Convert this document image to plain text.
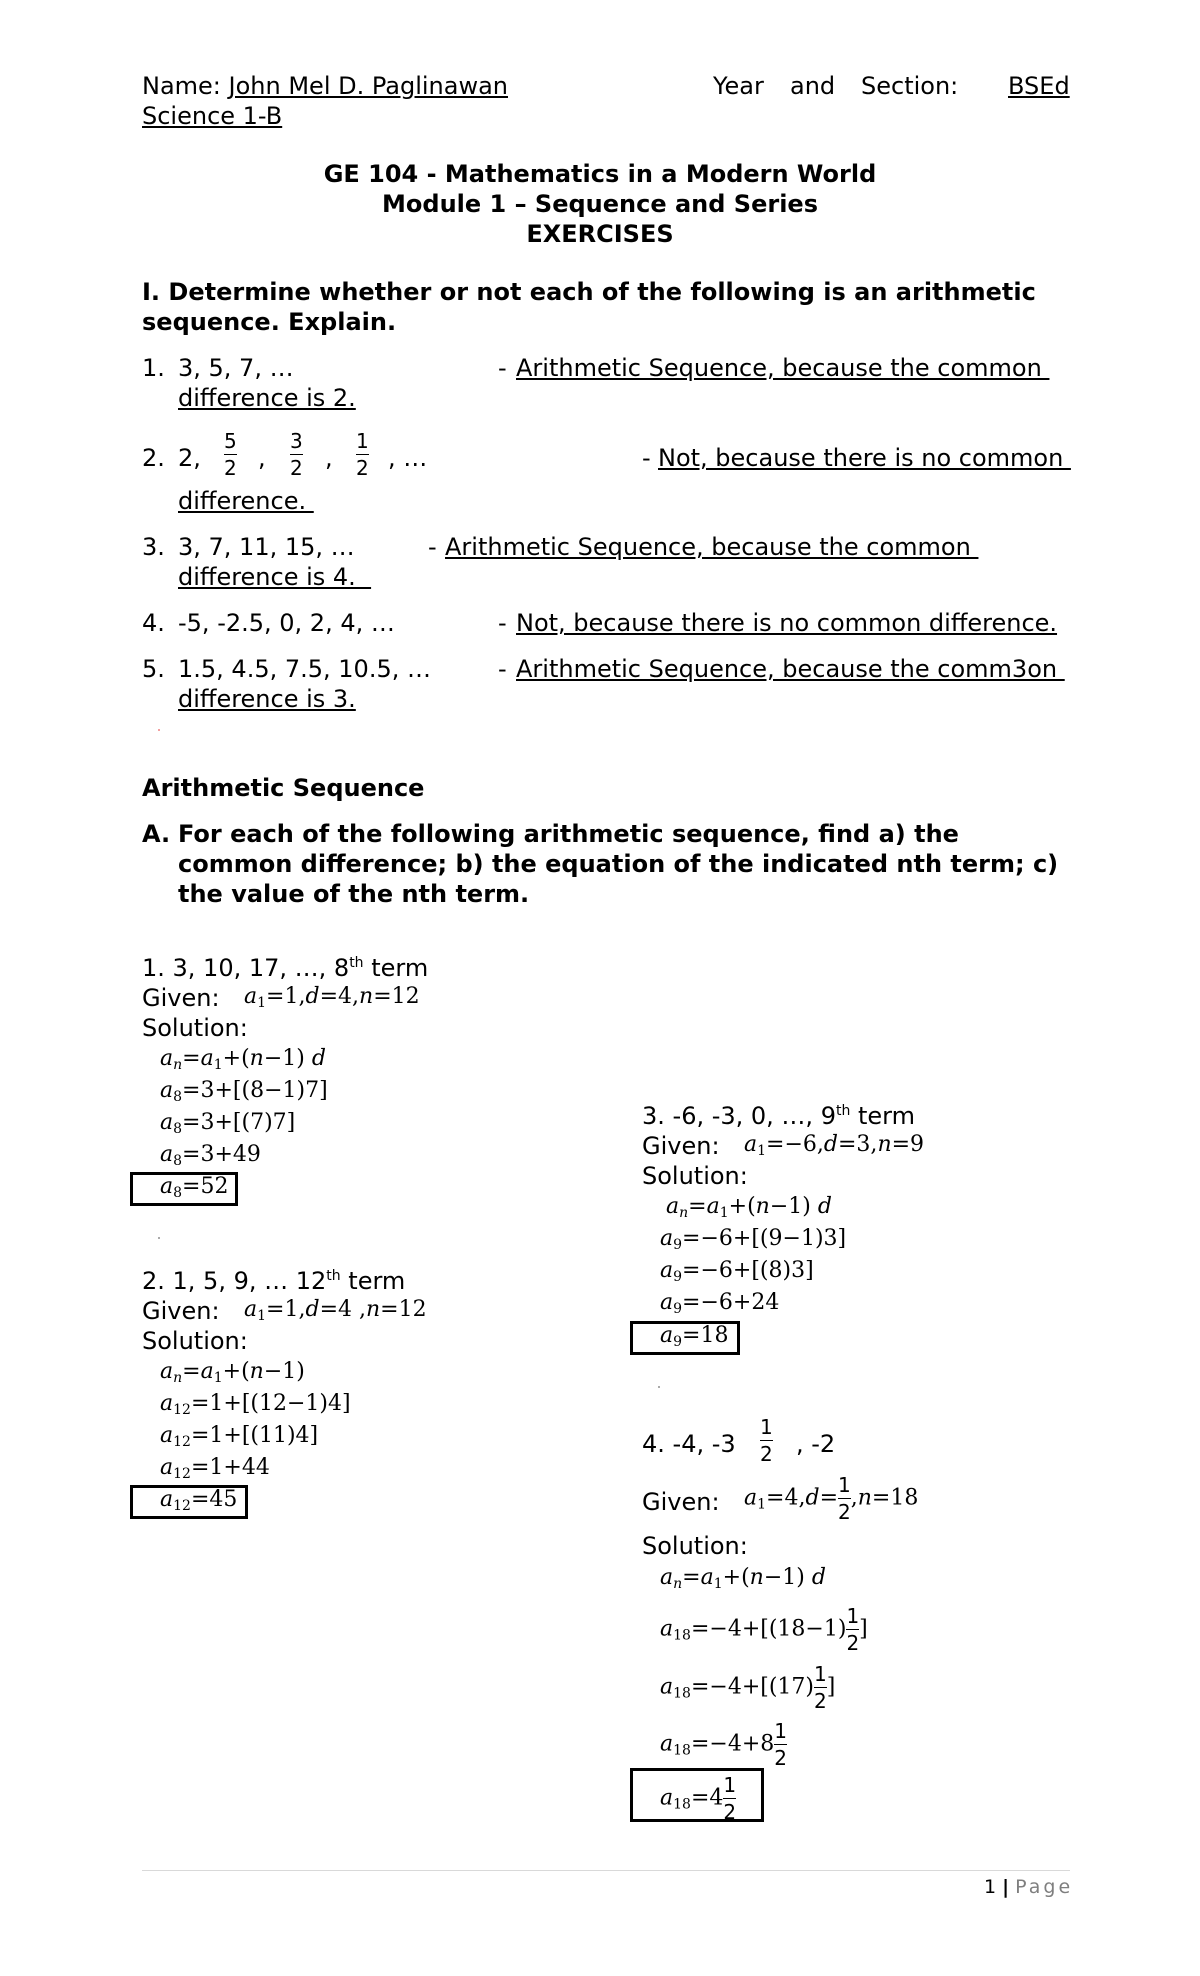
Name: John Mel D. Paglinawan	Year and Section: BSEd
Science 1-B
GE 104 - Mathematics in a Modern World
Module 1 – Sequence and Series
EXERCISES
I. Determine whether or not each of the following is an arithmetic
sequence. Explain.
1. 3, 5, 7, …	- Arithmetic Sequence, because the common
difference is 2.
2. 2, $\frac{5}{2}$ , $\frac{3}{2}$ , $\frac{1}{2}$ , …	- Not, because there is no common
difference.
3. 3, 7, 11, 15, …	- Arithmetic Sequence, because the common
difference is 4.
4. -5, -2.5, 0, 2, 4, …	- Not, because there is no common difference.
5. 1.5, 4.5, 7.5, 10.5, …	- Arithmetic Sequence, because the comm3on
difference is 3.
Arithmetic Sequence
A. For each of the following arithmetic sequence, find a) the
common difference; b) the equation of the indicated nth term; c)
the value of the nth term.
1. 3, 10, 17, …, 8th term
Given: $a_1=1,d=4,n=12$
Solution:
$a_n=a_1+(n-1)$ d
$a_8=3+[(8-1)7]$
$a_8=3+[(7)7]$
$a_8=3+49$
$a_8=52$
2. 1, 5, 9, … 12th term
Given: $a_1=1,d=4$ ,n=12
Solution:
$a_n=a_1+(n-1)$
$a_{12}=1+[(12-1)4]$
$a_{12}=1+[(11)4]$
$a_{12}=1+44$
$a_{12}=45$
3. -6, -3, 0, …, 9th term
Given: $a_1=-6,d=3,n=9$
Solution:
$a_n=a_1+(n-1)$ d
$a_9=-6+[(9-1)3]$
$a_9=-6+[(8)3]$
$a_9=-6+24$
$a_9=18$
4. -4, $-3 \frac{1}{2}$ , -2
Given: $a_1=4,d= \frac{1}{2} ,n=18$
Solution:
$a_n=a_1+(n-1)$ d
$a_{18}=-4+[(18-1) \frac{1}{2}$ ]
$a_{18}=-4+[(17) \frac{1}{2}$ ]
$a_{18}=-4+8 \frac{1}{2}$
$a_{18}=4 \frac{1}{2}$
1 | Page
